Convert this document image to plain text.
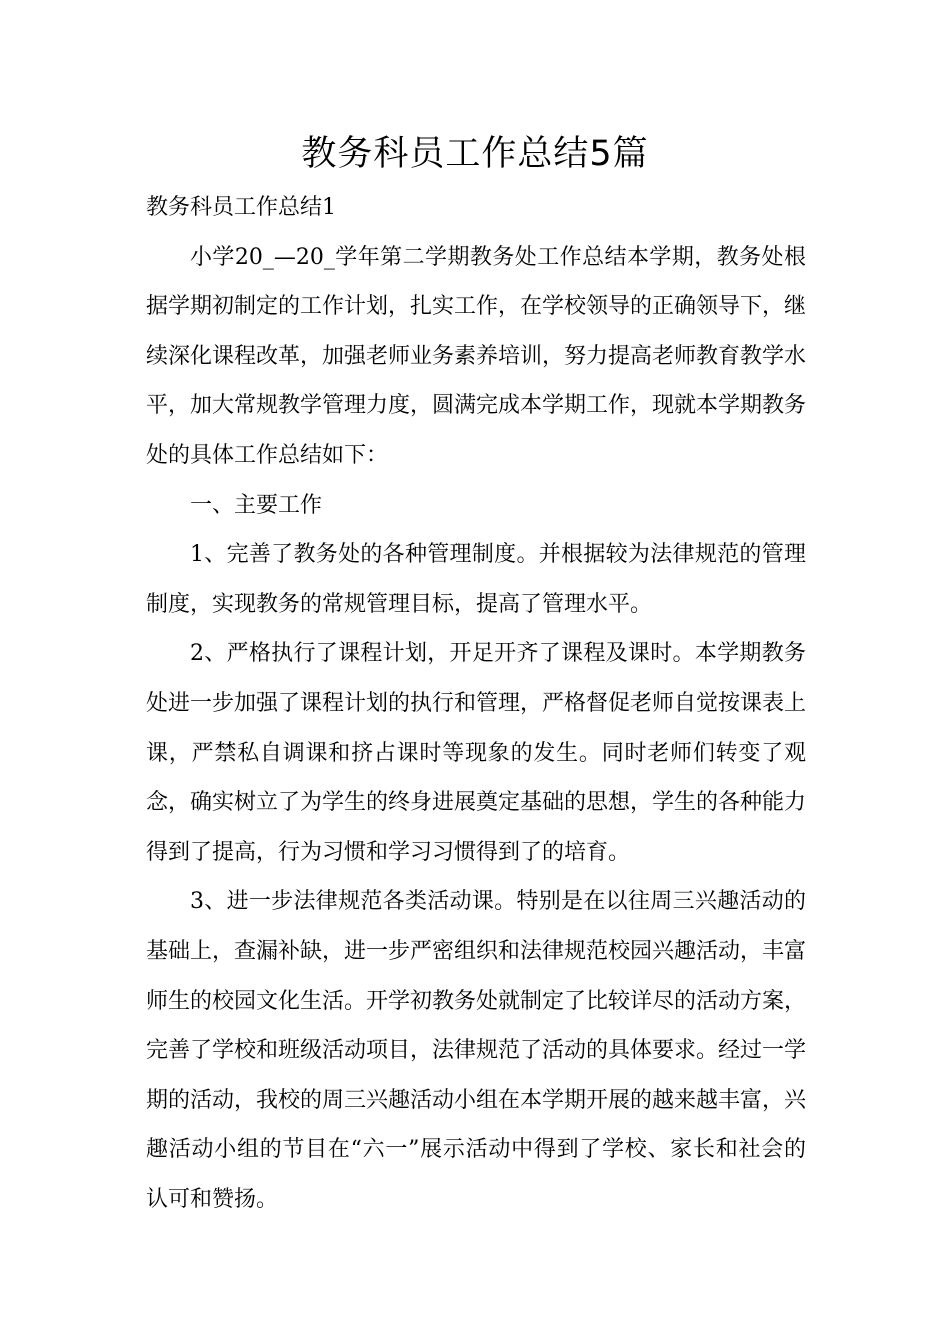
教务科员工作总结5篇

教务科员工作总结1

小学20_—20_学年第二学期教务处工作总结本学期，教务处根据学期初制定的工作计划，扎实工作，在学校领导的正确领导下，继续深化课程改革，加强老师业务素养培训，努力提高老师教育教学水平，加大常规教学管理力度，圆满完成本学期工作，现就本学期教务处的具体工作总结如下：

一、主要工作

1、完善了教务处的各种管理制度。并根据较为法律规范的管理制度，实现教务的常规管理目标，提高了管理水平。

2、严格执行了课程计划，开足开齐了课程及课时。本学期教务处进一步加强了课程计划的执行和管理，严格督促老师自觉按课表上课，严禁私自调课和挤占课时等现象的发生。同时老师们转变了观念，确实树立了为学生的终身进展奠定基础的思想，学生的各种能力得到了提高，行为习惯和学习习惯得到了的培育。

3、进一步法律规范各类活动课。特别是在以往周三兴趣活动的基础上，查漏补缺，进一步严密组织和法律规范校园兴趣活动，丰富师生的校园文化生活。开学初教务处就制定了比较详尽的活动方案，完善了学校和班级活动项目，法律规范了活动的具体要求。经过一学期的活动，我校的周三兴趣活动小组在本学期开展的越来越丰富，兴趣活动小组的节目在“六一”展示活动中得到了学校、家长和社会的认可和赞扬。
